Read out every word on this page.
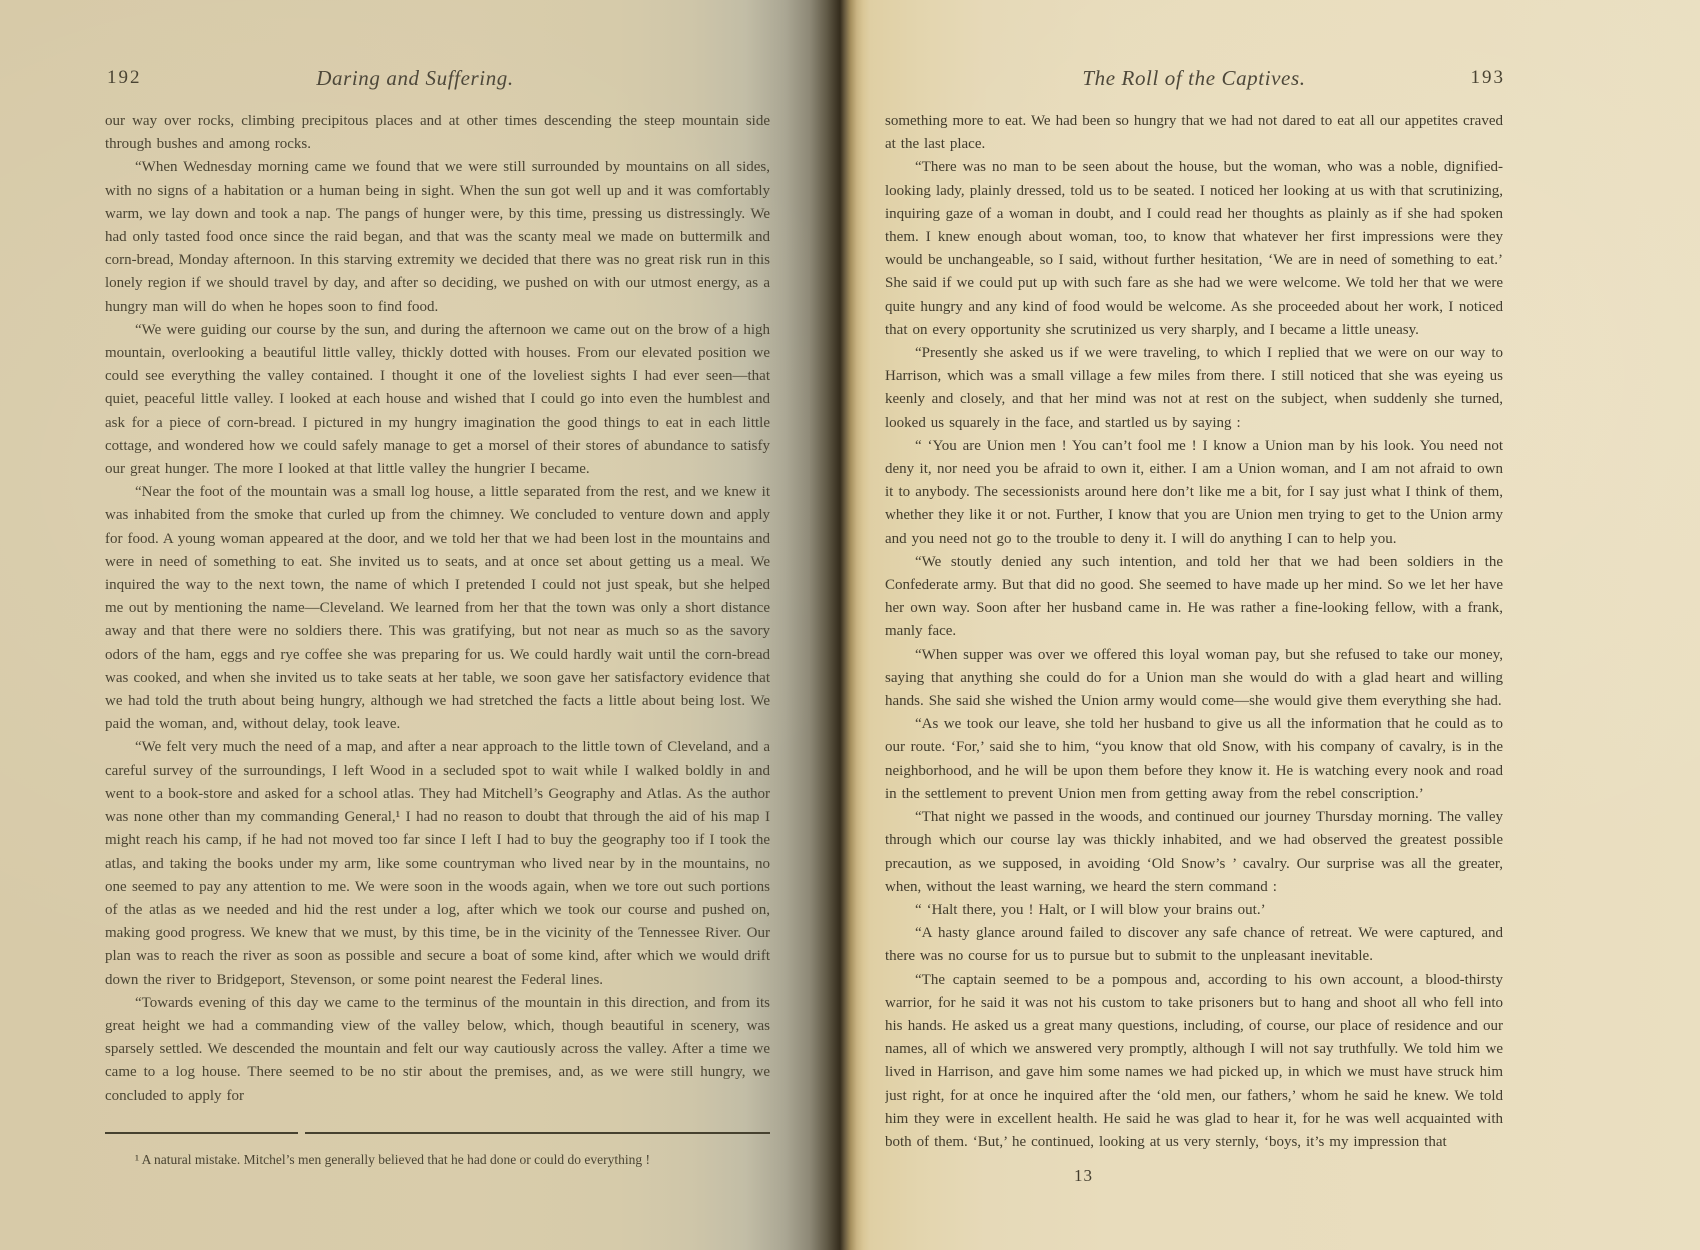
192	Daring and Suffering.

our way over rocks, climbing precipitous places and at other times descending the steep mountain side through bushes and among rocks.

“When Wednesday morning came we found that we were still surrounded by mountains on all sides, with no signs of a habitation or a human being in sight. When the sun got well up and it was comfortably warm, we lay down and took a nap. The pangs of hunger were, by this time, pressing us distressingly. We had only tasted food once since the raid began, and that was the scanty meal we made on buttermilk and corn-bread, Monday afternoon. In this starving extremity we decided that there was no great risk run in this lonely region if we should travel by day, and after so deciding, we pushed on with our utmost energy, as a hungry man will do when he hopes soon to find food.

“We were guiding our course by the sun, and during the afternoon we came out on the brow of a high mountain, overlooking a beautiful little valley, thickly dotted with houses. From our elevated position we could see everything the valley contained. I thought it one of the loveliest sights I had ever seen—that quiet, peaceful little valley. I looked at each house and wished that I could go into even the humblest and ask for a piece of corn-bread. I pictured in my hungry imagination the good things to eat in each little cottage, and wondered how we could safely manage to get a morsel of their stores of abundance to satisfy our great hunger. The more I looked at that little valley the hungrier I became.

“Near the foot of the mountain was a small log house, a little separated from the rest, and we knew it was inhabited from the smoke that curled up from the chimney. We concluded to venture down and apply for food. A young woman appeared at the door, and we told her that we had been lost in the mountains and were in need of something to eat. She invited us to seats, and at once set about getting us a meal. We inquired the way to the next town, the name of which I pretended I could not just speak, but she helped me out by mentioning the name—Cleveland. We learned from her that the town was only a short distance away and that there were no soldiers there. This was gratifying, but not near as much so as the savory odors of the ham, eggs and rye coffee she was preparing for us. We could hardly wait until the corn-bread was cooked, and when she invited us to take seats at her table, we soon gave her satisfactory evidence that we had told the truth about being hungry, although we had stretched the facts a little about being lost. We paid the woman, and, without delay, took leave.

“We felt very much the need of a map, and after a near approach to the little town of Cleveland, and a careful survey of the surroundings, I left Wood in a secluded spot to wait while I walked boldly in and went to a book-store and asked for a school atlas. They had Mitchell’s Geography and Atlas. As the author was none other than my commanding General,¹ I had no reason to doubt that through the aid of his map I might reach his camp, if he had not moved too far since I left I had to buy the geography too if I took the atlas, and taking the books under my arm, like some countryman who lived near by in the mountains, no one seemed to pay any attention to me. We were soon in the woods again, when we tore out such portions of the atlas as we needed and hid the rest under a log, after which we took our course and pushed on, making good progress. We knew that we must, by this time, be in the vicinity of the Tennessee River. Our plan was to reach the river as soon as possible and secure a boat of some kind, after which we would drift down the river to Bridgeport, Stevenson, or some point nearest the Federal lines.

“Towards evening of this day we came to the terminus of the mountain in this direction, and from its great height we had a commanding view of the valley below, which, though beautiful in scenery, was sparsely settled. We descended the mountain and felt our way cautiously across the valley. After a time we came to a log house. There seemed to be no stir about the premises, and, as we were still hungry, we concluded to apply for

¹ A natural mistake. Mitchel’s men generally believed that he had done or could do everything !

The Roll of the Captives.	193

something more to eat. We had been so hungry that we had not dared to eat all our appetites craved at the last place.

“There was no man to be seen about the house, but the woman, who was a noble, dignified-looking lady, plainly dressed, told us to be seated. I noticed her looking at us with that scrutinizing, inquiring gaze of a woman in doubt, and I could read her thoughts as plainly as if she had spoken them. I knew enough about woman, too, to know that whatever her first impressions were they would be unchangeable, so I said, without further hesitation, ‘We are in need of something to eat.’ She said if we could put up with such fare as she had we were welcome. We told her that we were quite hungry and any kind of food would be welcome. As she proceeded about her work, I noticed that on every opportunity she scrutinized us very sharply, and I became a little uneasy.

“Presently she asked us if we were traveling, to which I replied that we were on our way to Harrison, which was a small village a few miles from there. I still noticed that she was eyeing us keenly and closely, and that her mind was not at rest on the subject, when suddenly she turned, looked us squarely in the face, and startled us by saying :

“ ‘You are Union men ! You can’t fool me ! I know a Union man by his look. You need not deny it, nor need you be afraid to own it, either. I am a Union woman, and I am not afraid to own it to anybody. The secessionists around here don’t like me a bit, for I say just what I think of them, whether they like it or not. Further, I know that you are Union men trying to get to the Union army and you need not go to the trouble to deny it. I will do anything I can to help you.

“We stoutly denied any such intention, and told her that we had been soldiers in the Confederate army. But that did no good. She seemed to have made up her mind. So we let her have her own way. Soon after her husband came in. He was rather a fine-looking fellow, with a frank, manly face.

“When supper was over we offered this loyal woman pay, but she refused to take our money, saying that anything she could do for a Union man she would do with a glad heart and willing hands. She said she wished the Union army would come—she would give them everything she had.

“As we took our leave, she told her husband to give us all the information that he could as to our route. ‘For,’ said she to him, “you know that old Snow, with his company of cavalry, is in the neighborhood, and he will be upon them before they know it. He is watching every nook and road in the settlement to prevent Union men from getting away from the rebel conscription.’

“That night we passed in the woods, and continued our journey Thursday morning. The valley through which our course lay was thickly inhabited, and we had observed the greatest possible precaution, as we supposed, in avoiding ‘Old Snow’s ’ cavalry. Our surprise was all the greater, when, without the least warning, we heard the stern command :

“ ‘Halt there, you ! Halt, or I will blow your brains out.’

“A hasty glance around failed to discover any safe chance of retreat. We were captured, and there was no course for us to pursue but to submit to the unpleasant inevitable.

“The captain seemed to be a pompous and, according to his own account, a blood-thirsty warrior, for he said it was not his custom to take prisoners but to hang and shoot all who fell into his hands. He asked us a great many questions, including, of course, our place of residence and our names, all of which we answered very promptly, although I will not say truthfully. We told him we lived in Harrison, and gave him some names we had picked up, in which we must have struck him just right, for at once he inquired after the ‘old men, our fathers,’ whom he said he knew. We told him they were in excellent health. He said he was glad to hear it, for he was well acquainted with both of them. ‘But,’ he continued, looking at us very sternly, ‘boys, it’s my impression that

13
